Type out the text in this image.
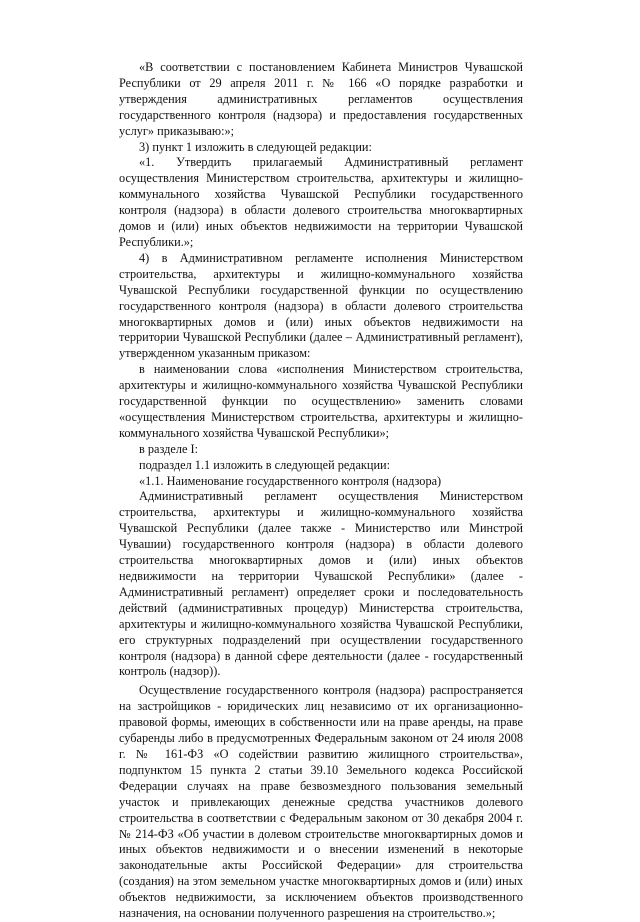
«В соответствии с постановлением Кабинета Министров Чувашской Республики от 29 апреля 2011 г. № 166 «О порядке разработки и утверждения административных регламентов осуществления государственного контроля (надзора) и предоставления государственных услуг» приказываю:»;

3) пункт 1 изложить в следующей редакции:

«1. Утвердить прилагаемый Административный регламент осуществления Министерством строительства, архитектуры и жилищно-коммунального хозяйства Чувашской Республики государственного контроля (надзора) в области долевого строительства многоквартирных домов и (или) иных объектов недвижимости на территории Чувашской Республики.»;

4) в Административном регламенте исполнения Министерством строительства, архитектуры и жилищно-коммунального хозяйства Чувашской Республики государственной функции по осуществлению государственного контроля (надзора) в области долевого строительства многоквартирных домов и (или) иных объектов недвижимости на территории Чувашской Республики (далее – Административный регламент), утвержденном указанным приказом:

в наименовании слова «исполнения Министерством строительства, архитектуры и жилищно-коммунального хозяйства Чувашской Республики государственной функции по осуществлению» заменить словами «осуществления Министерством строительства, архитектуры и жилищно-коммунального хозяйства Чувашской Республики»;

в разделе I:

подраздел 1.1 изложить в следующей редакции:

«1.1. Наименование государственного контроля (надзора)

Административный регламент осуществления Министерством строительства, архитектуры и жилищно-коммунального хозяйства Чувашской Республики (далее также - Министерство или Минстрой Чувашии) государственного контроля (надзора) в области долевого строительства многоквартирных домов и (или) иных объектов недвижимости на территории Чувашской Республики» (далее - Административный регламент) определяет сроки и последовательность действий (административных процедур) Министерства строительства, архитектуры и жилищно-коммунального хозяйства Чувашской Республики, его структурных подразделений при осуществлении государственного контроля (надзора) в данной сфере деятельности (далее - государственный контроль (надзор)).

Осуществление государственного контроля (надзора) распространяется на застройщиков - юридических лиц независимо от их организационно-правовой формы, имеющих в собственности или на праве аренды, на праве субаренды либо в предусмотренных Федеральным законом от 24 июля 2008 г. № 161-ФЗ «О содействии развитию жилищного строительства», подпунктом 15 пункта 2 статьи 39.10 Земельного кодекса Российской Федерации случаях на праве безвозмездного пользования земельный участок и привлекающих денежные средства участников долевого строительства в соответствии с Федеральным законом от 30 декабря 2004 г. № 214-ФЗ «Об участии в долевом строительстве многоквартирных домов и иных объектов недвижимости и о внесении изменений в некоторые законодательные акты Российской Федерации» для строительства (создания) на этом земельном участке многоквартирных домов и (или) иных объектов недвижимости, за исключением объектов производственного назначения, на основании полученного разрешения на строительство.»;
